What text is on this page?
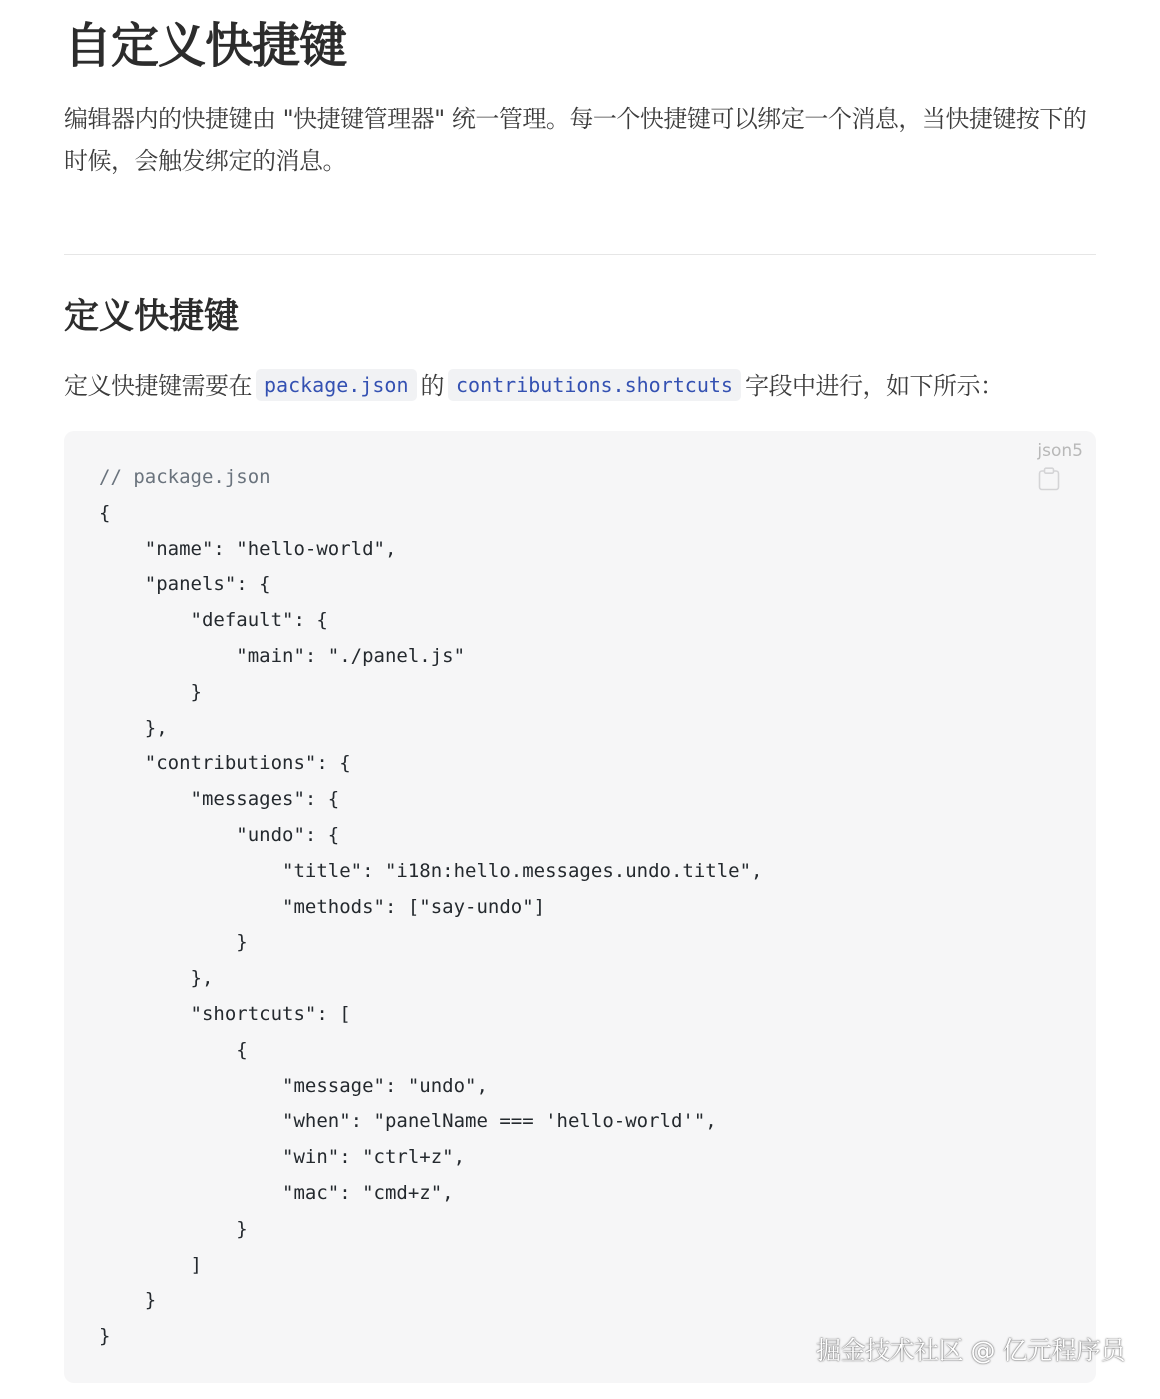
自定义快捷键

编辑器内的快捷键由 "快捷键管理器" 统一管理。每一个快捷键可以绑定一个消息，当快捷键按下的时候，会触发绑定的消息。

定义快捷键
定义快捷键需要在 package.json 的 contributions.shortcuts 字段中进行，如下所示：
json5
// package.json
{
"name": "hello-world",
"panels": {
"default": {
"main": "./panel.js"
}
},
"contributions": {
"messages": {
"undo": {
"title": "i18n:hello.messages.undo.title",
"methods": ["say-undo"]
}
},
"shortcuts": [
{
"message": "undo",
"when": "panelName === 'hello-world'",
"win": "ctrl+z",
"mac": "cmd+z",
}
]
}
}	掘金技术社区 @ 亿元程序员
